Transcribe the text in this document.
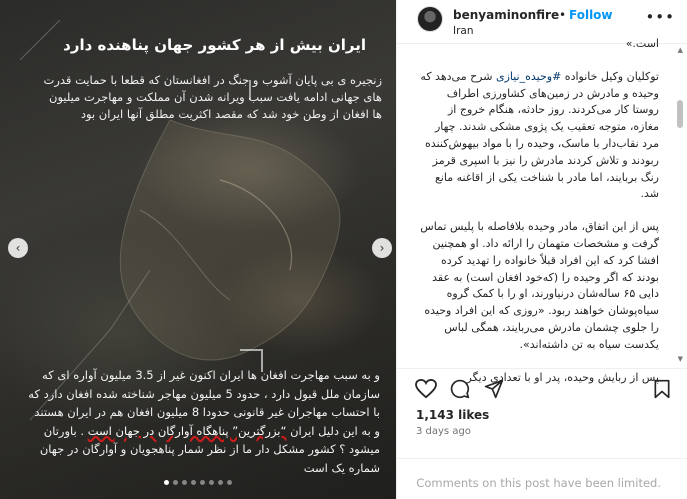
ایران بیش از هر کشور جهان پناهنده دارد
زنجیره ی بی پایان آشوب و جنگ در افغانستان که قطعا با حمایت قدرت های جهانی ادامه یافت سبب ویرانه شدن آن مملکت و مهاجرت میلیون ها افغان از وطن خود شد که مقصد اکثریت مطلق آنها ایران بود
و به سبب مهاجرت افغان ها ایران اکنون غیر از 3.5 میلیون آواره ای که سازمان ملل قبول دارد ، حدود 5 میلیون مهاجر شناخته شده افغان دارد که با احتساب مهاجران غیر قانونی حدودا 8 میلیون افغان هم در ایران هستند و به این دلیل ایران “بزرگترین” پناهگاه آوارگان در جهان است . باورتان میشود ؟ کشور مشکل دار ما از نظر شمار پناهجویان و آوارگان در جهان شماره یک است
‹	›
benyaminonfire • Follow
Iran
•••

است.»

توکلیان وکیل خانواده #وحیده_نیازی شرح می‌دهد که وحیده و مادرش در زمین‌های کشاورزی اطراف روستا کار می‌کردند. روز حادثه، هنگام خروج از مغازه، متوجه تعقیب یک پژوی مشکی شدند. چهار مرد نقاب‌دار با ماسک، وحیده را با مواد بیهوش‌کننده ربودند و تلاش کردند مادرش را نیز با اسپری قرمز رنگ بربایند، اما مادر با شناخت یکی از اقاغنه مانع شد.

پس از این اتفاق، مادر وحیده بلافاصله با پلیس تماس گرفت و مشخصات متهمان را ارائه داد. او همچنین افشا کرد که این افراد قبلاً خانواده را تهدید کرده بودند که اگر وحیده را (که‌خود افغان است) به عقد دایی ۶۵ ساله‌شان درنیاورند، او را با کمک گروه سیاه‌پوشان خواهند ربود. «روزی که این افراد وحیده را جلوی چشمان مادرش می‌ربایند، همگی لباس یکدست سیاه به تن داشته‌اند».

پس از ربایش وحیده، پدر او با تعدادی دیگر

▲
▼
1,143 likes
3 days ago
Comments on this post have been limited.
